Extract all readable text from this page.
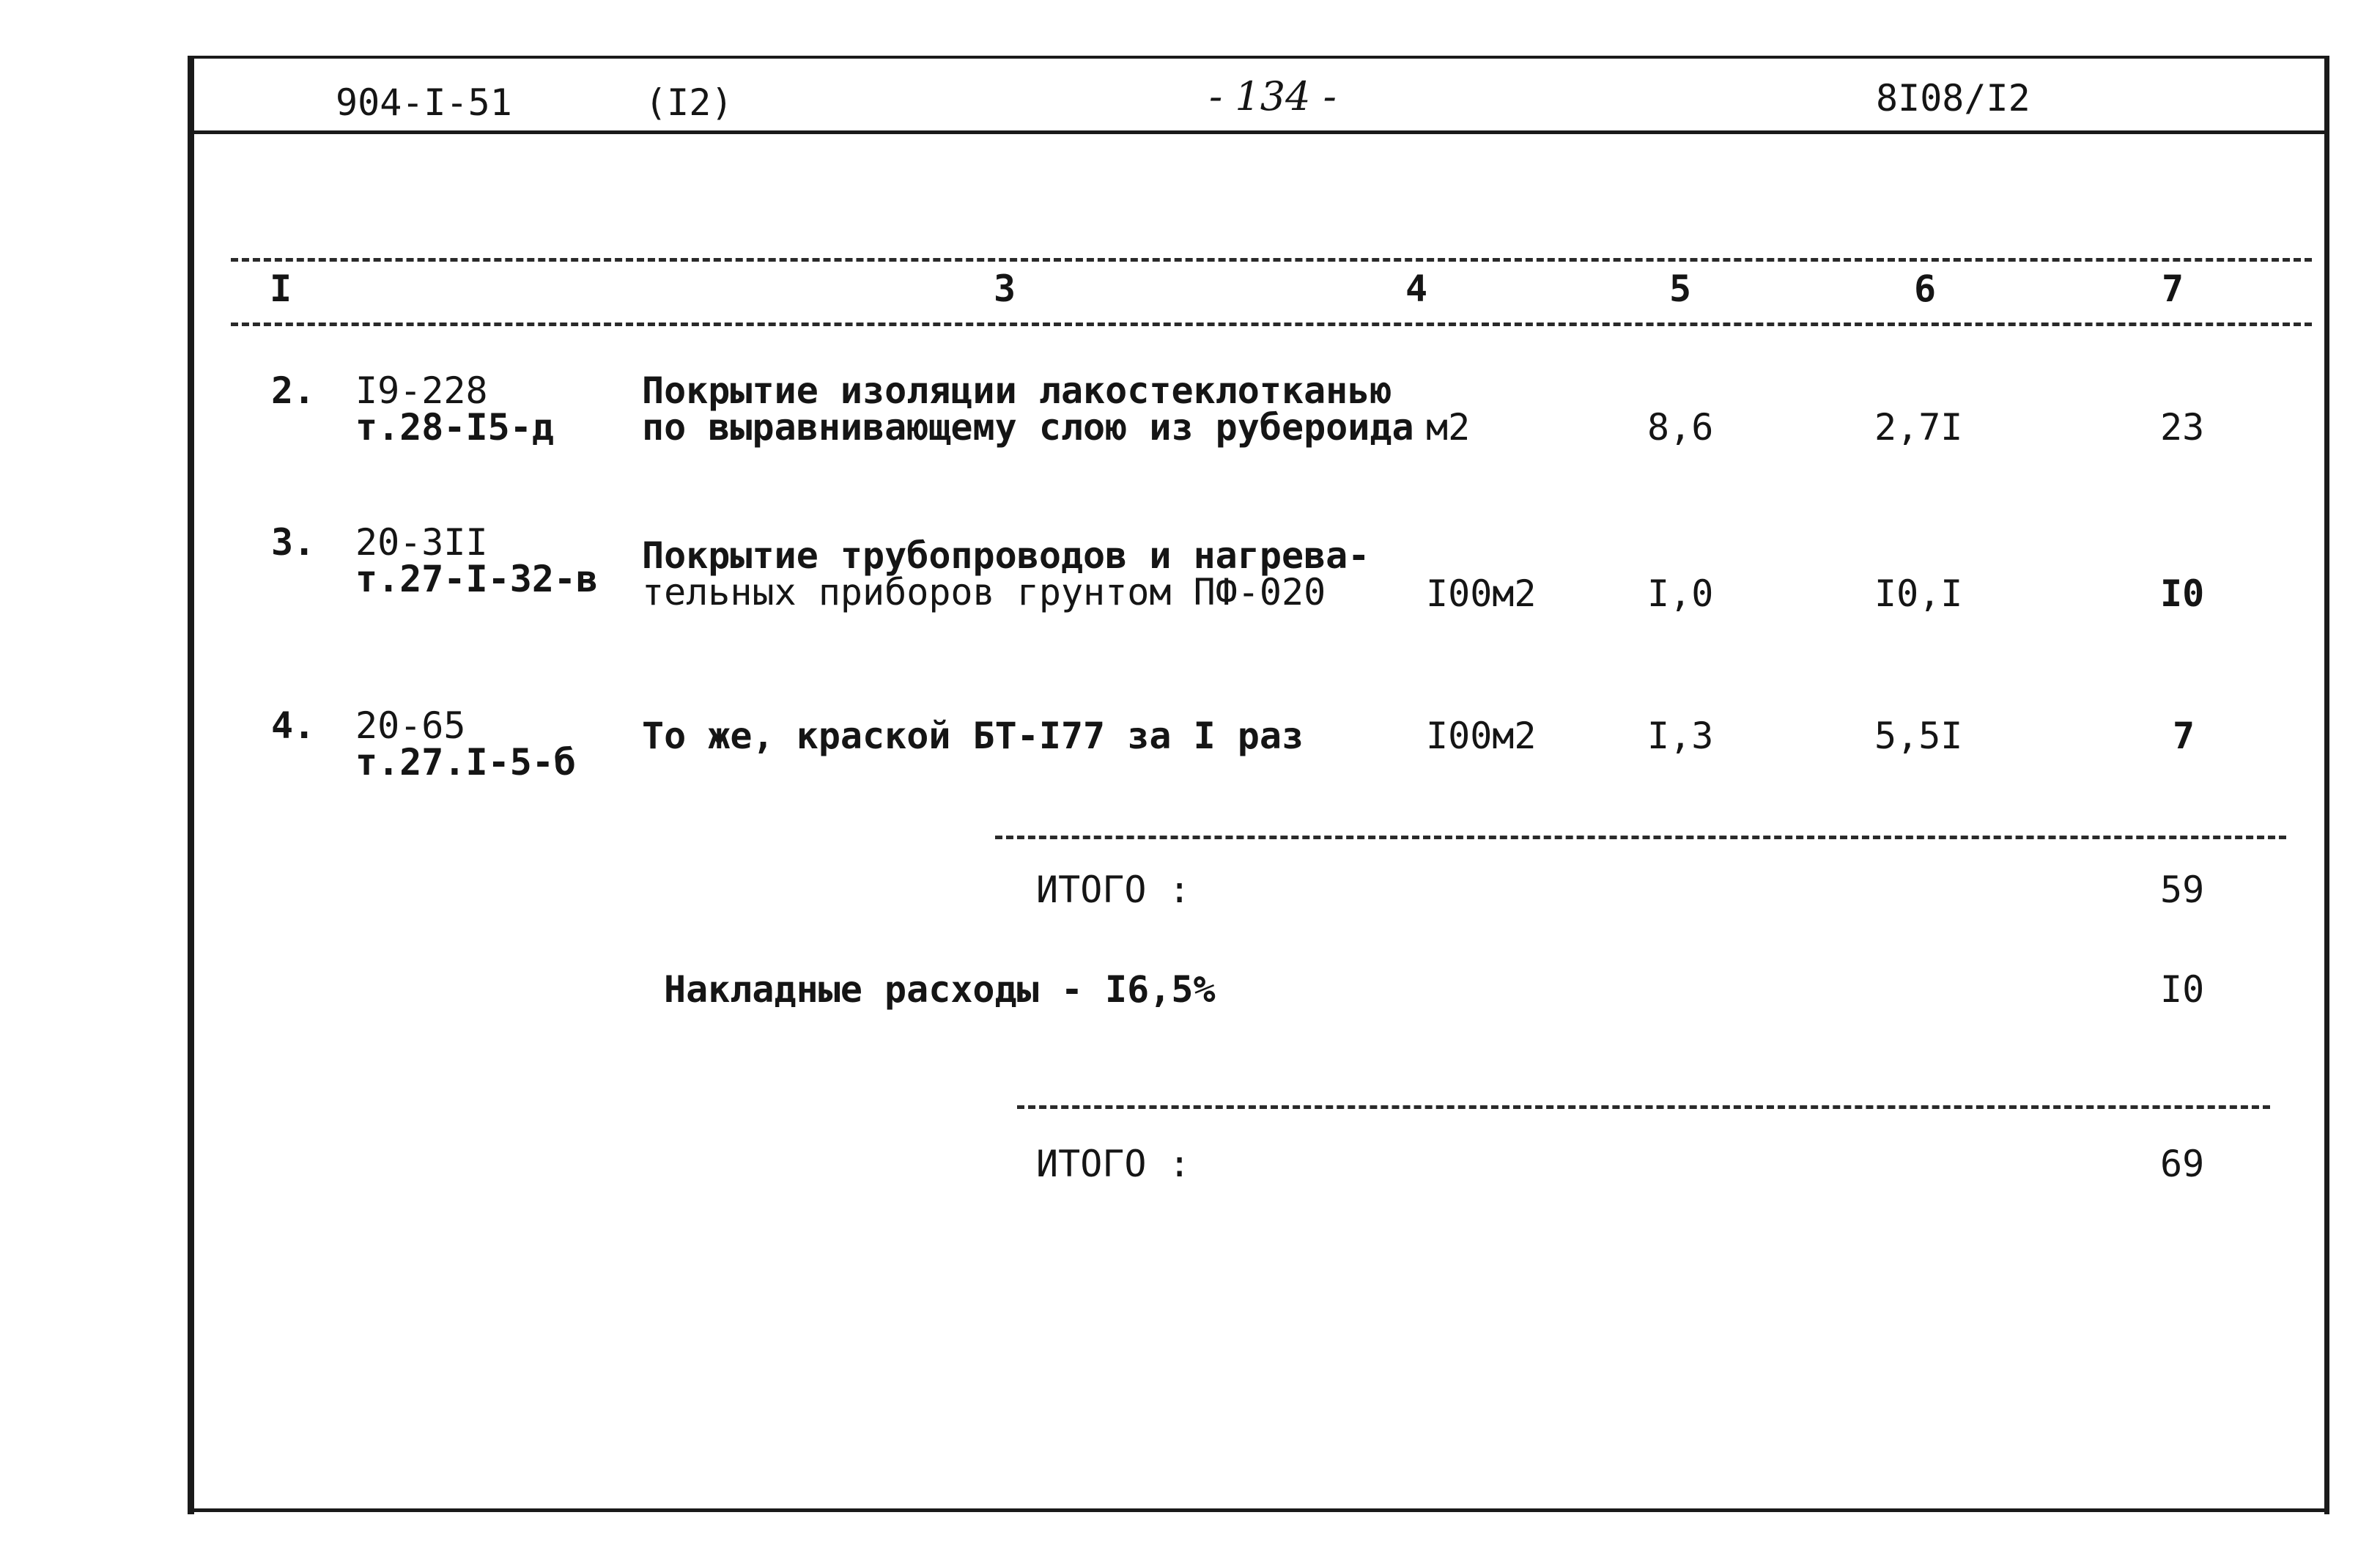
904-I-51	(I2)	- 134 -	8I08/I2
I	3	4	5	6	7
2. I9-228
т.28-I5-д
Покрытие изоляции лакостеклотканью
по выравнивающему слою из рубероида м2	8,6	2,7I	23
3. 20-3II
т.27-I-32-в
Покрытие трубопроводов и нагрева-
тельных приборов грунтом ПФ-020	I00м2	I,0	I0,I	I0
4. 20-65
т.27.I-5-б
То же, краской БТ-I77 за I раз	I00м2	I,3	5,5I	7
ИТОГО :	59
Накладные расходы - I6,5%	I0
ИТОГО :	69
